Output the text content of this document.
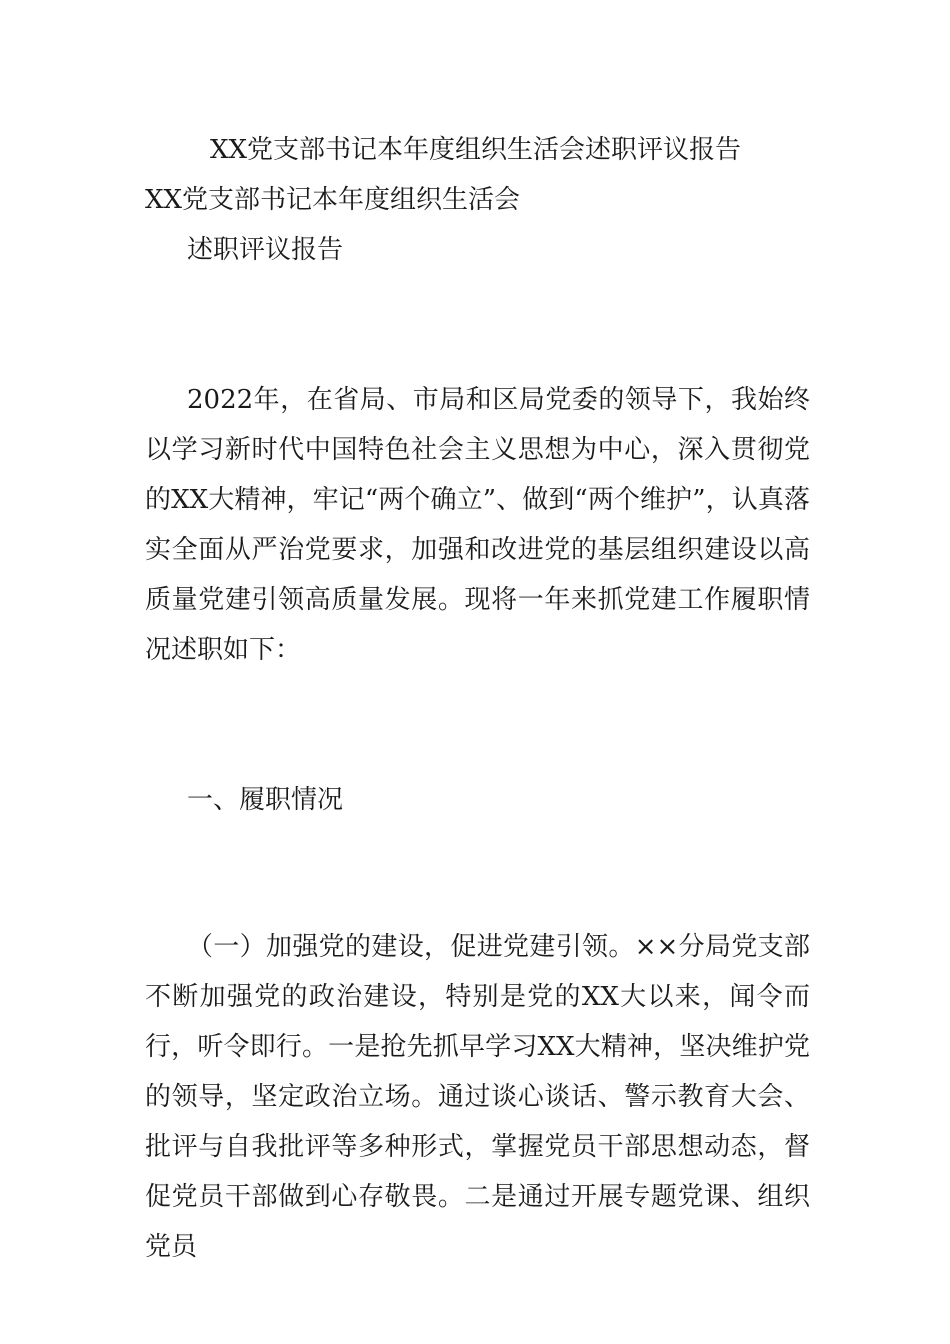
XX党支部书记本年度组织生活会述职评议报告
XX党支部书记本年度组织生活会
述职评议报告
2022年，在省局、市局和区局党委的领导下，我始终以学习新时代中国特色社会主义思想为中心，深入贯彻党的XX大精神，牢记“两个确立”、做到“两个维护”，认真落实全面从严治党要求，加强和改进党的基层组织建设以高质量党建引领高质量发展。现将一年来抓党建工作履职情况述职如下：
一、履职情况
（一）加强党的建设，促进党建引领。××分局党支部不断加强党的政治建设，特别是党的XX大以来，闻令而行，听令即行。一是抢先抓早学习XX大精神，坚决维护党的领导，坚定政治立场。通过谈心谈话、警示教育大会、批评与自我批评等多种形式，掌握党员干部思想动态，督促党员干部做到心存敬畏。二是通过开展专题党课、组织党员
